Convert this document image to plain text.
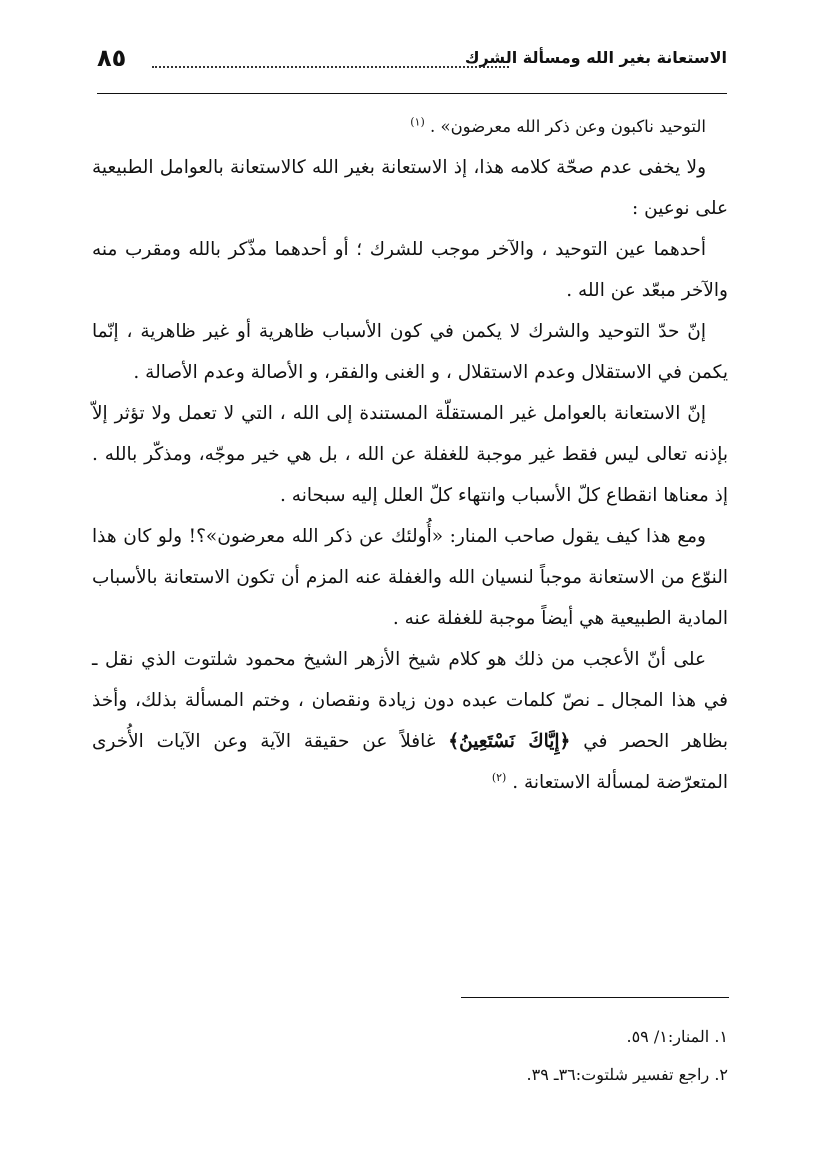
الاستعانة بغير الله ومسألة الشرك
٨٥

التوحيد ناكبون وعن ذكر الله معرضون» . $^{(١)}$

ولا يخفى عدم صحّة كلامه هذا، إذ الاستعانة بغير الله كالاستعانة بالعوامل الطبيعية على نوعين :

أحدهما عين التوحيد ، والآخر موجب للشرك ؛ أو أحدهما مذّكر بالله ومقرب منه والآخر مبعّد عن الله .

إنّ حدّ التوحيد والشرك لا يكمن في كون الأسباب ظاهرية أو غير ظاهرية ، إنّما يكمن في الاستقلال وعدم الاستقلال ، و الغنى والفقر، و الأصالة وعدم الأصالة .

إنّ الاستعانة بالعوامل غير المستقلّة المستندة إلى الله ، التي لا تعمل ولا تؤثر إلاّ بإذنه تعالى ليس فقط غير موجبة للغفلة عن الله ، بل هي خير موجّه، ومذكّر بالله . إذ معناها انقطاع كلّ الأسباب وانتهاء كلّ العلل إليه سبحانه .

ومع هذا كيف يقول صاحب المنار: «أُولئك عن ذكر الله معرضون»؟! ولو كان هذا النوّع من الاستعانة موجباً لنسيان الله والغفلة عنه المزم أن تكون الاستعانة بالأسباب المادية الطبيعية هي أيضاً موجبة للغفلة عنه .

على أنّ الأعجب من ذلك هو كلام شيخ الأزهر الشيخ محمود شلتوت الذي نقل ـ في هذا المجال ـ نصّ كلمات عبده دون زيادة ونقصان ، وختم المسألة بذلك، وأخذ بظاهر الحصر في ﴿إِيَّاكَ نَسْتَعِينُ﴾ غافلاً عن حقيقة الآية وعن الآيات الأُخرى المتعرّضة لمسألة الاستعانة . $^{(٢)}$

١. المنار:١/ ٥٩.

٢. راجع تفسير شلتوت:٣٦ـ ٣٩.
